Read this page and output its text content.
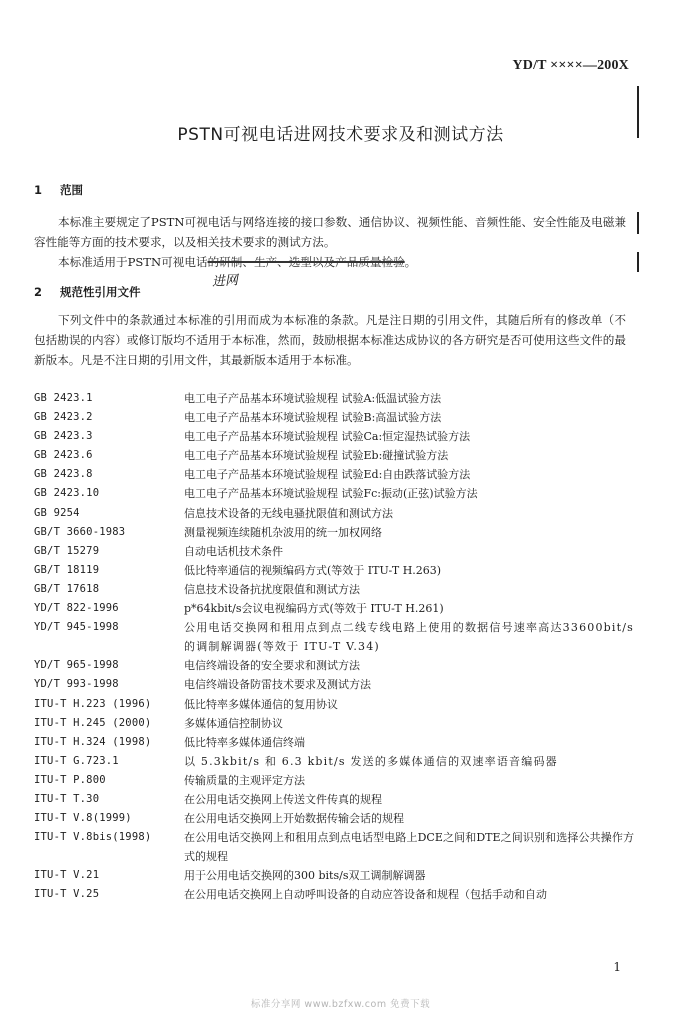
YD/T ××××—200X
PSTN可视电话进网技术要求及和测试方法
1 范围
本标准主要规定了PSTN可视电话与网络连接的接口参数、通信协议、视频性能、音频性能、安全性能及电磁兼容性能等方面的技术要求，以及相关技术要求的测试方法。
本标准适用于PSTN可视电话的研制、生产、选型以及产品质量检验。
进网
2 规范性引用文件
下列文件中的条款通过本标准的引用而成为本标准的条款。凡是注日期的引用文件，其随后所有的修改单（不包括勘误的内容）或修订版均不适用于本标准，然而，鼓励根据本标准达成协议的各方研究是否可使用这些文件的最新版本。凡是不注日期的引用文件，其最新版本适用于本标准。
GB 2423.1	电工电子产品基本环境试验规程 试验A:低温试验方法
GB 2423.2	电工电子产品基本环境试验规程 试验B:高温试验方法
GB 2423.3	电工电子产品基本环境试验规程 试验Ca:恒定湿热试验方法
GB 2423.6	电工电子产品基本环境试验规程 试验Eb:碰撞试验方法
GB 2423.8	电工电子产品基本环境试验规程 试验Ed:自由跌落试验方法
GB 2423.10	电工电子产品基本环境试验规程 试验Fc:振动(正弦)试验方法
GB 9254	信息技术设备的无线电骚扰限值和测试方法
GB/T 3660-1983	测量视频连续随机杂波用的统一加权网络
GB/T 15279	自动电话机技术条件
GB/T 18119	低比特率通信的视频编码方式(等效于 ITU-T H.263)
GB/T 17618	信息技术设备抗扰度限值和测试方法
YD/T 822-1996	p*64kbit/s会议电视编码方式(等效于 ITU-T H.261)
YD/T 945-1998	公用电话交换网和租用点到点二线专线电路上使用的数据信号速率高达33600bit/s的调制解调器(等效于 ITU-T V.34)
YD/T 965-1998	电信终端设备的安全要求和测试方法
YD/T 993-1998	电信终端设备防雷技术要求及测试方法
ITU-T H.223 (1996)	低比特率多媒体通信的复用协议
ITU-T H.245 (2000)	多媒体通信控制协议
ITU-T H.324 (1998)	低比特率多媒体通信终端
ITU-T G.723.1	以 5.3kbit/s 和 6.3 kbit/s 发送的多媒体通信的双速率语音编码器
ITU-T P.800	传输质量的主观评定方法
ITU-T T.30	在公用电话交换网上传送文件传真的规程
ITU-T V.8(1999)	在公用电话交换网上开始数据传输会话的规程
ITU-T V.8bis(1998)	在公用电话交换网上和租用点到点电话型电路上DCE之间和DTE之间识别和选择公共操作方式的规程
ITU-T V.21	用于公用电话交换网的300 bits/s双工调制解调器
ITU-T V.25	在公用电话交换网上自动呼叫设备的自动应答设备和规程（包括手动和自动
1
标准分享网 www.bzfxw.com 免费下载
